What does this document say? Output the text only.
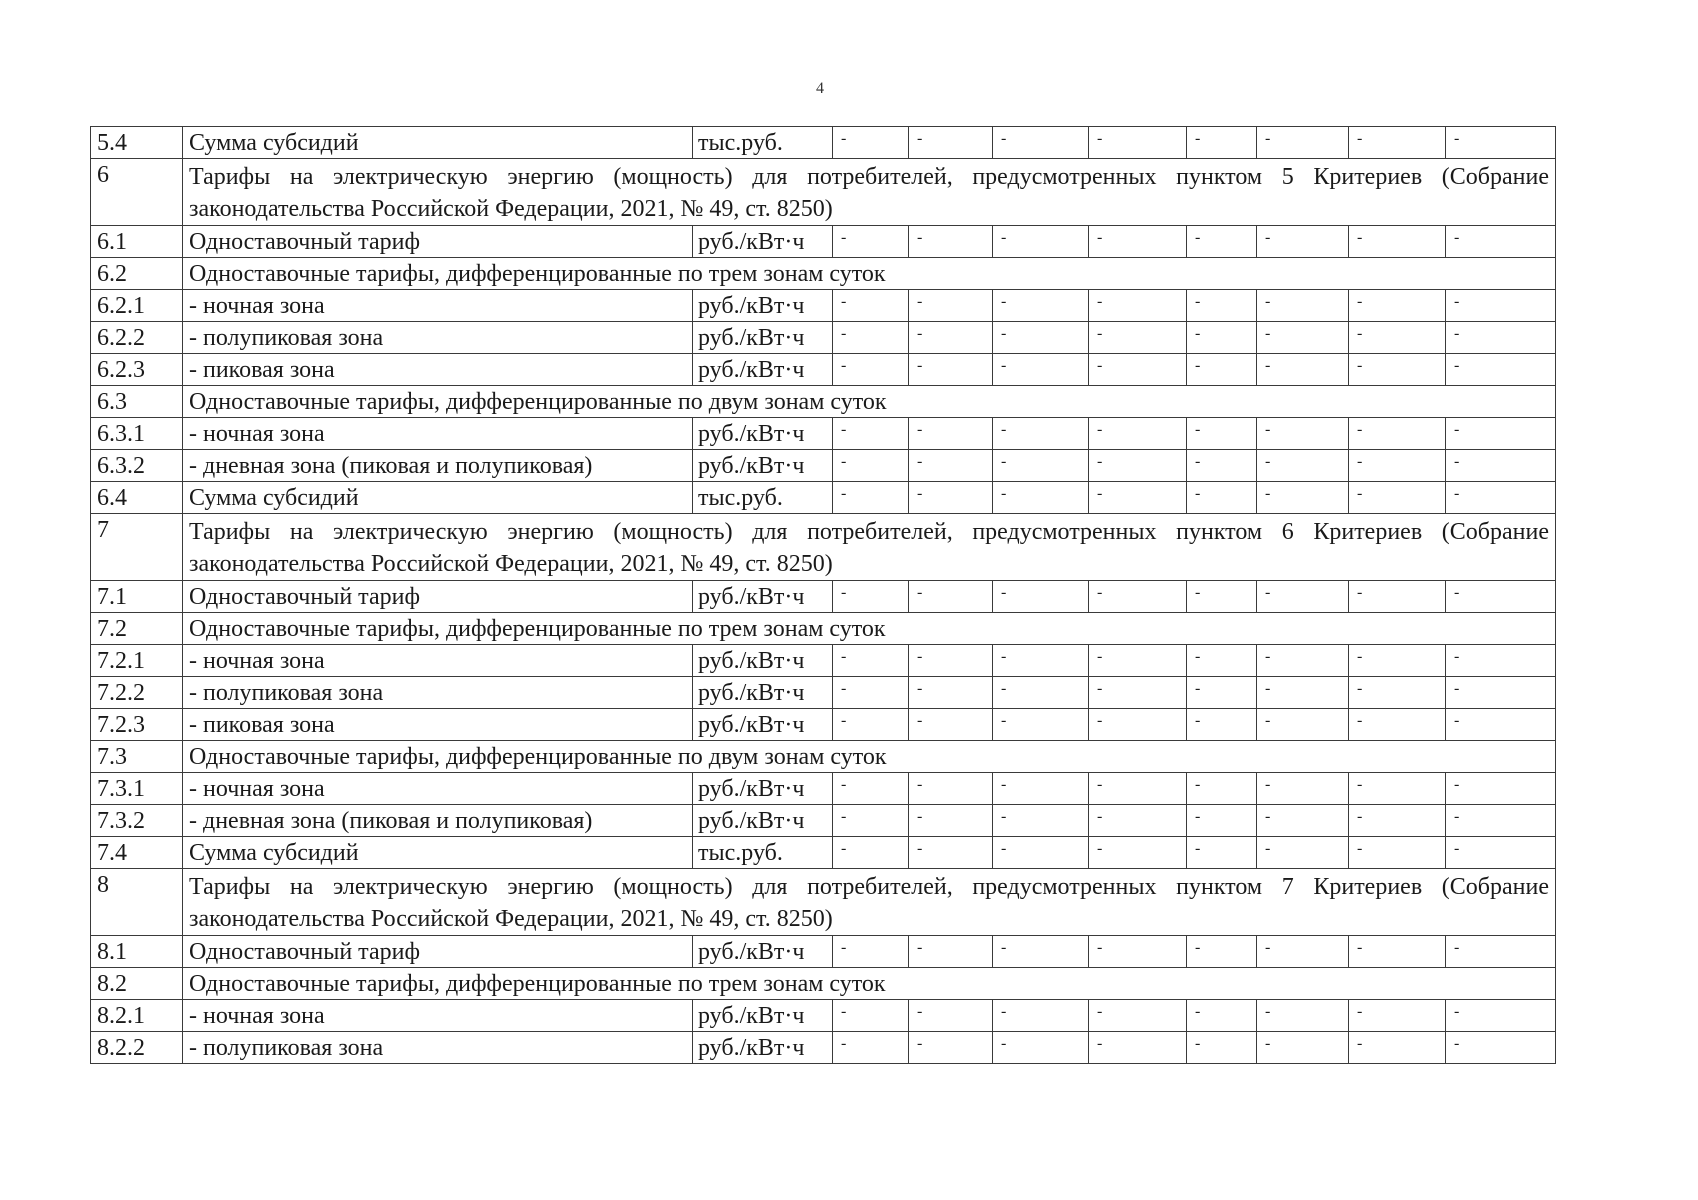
4
5.4	Сумма субсидий	тыс.руб.	-	-	-	-	-	-	-	-
6	Тарифы на электрическую энергию (мощность) для потребителей, предусмотренных пунктом 5 Критериев (Собрание законодательства Российской Федерации, 2021, № 49, ст. 8250)									
6.1	Одноставочный тариф	руб./кВт·ч	-	-	-	-	-	-	-	-
6.2	Одноставочные тарифы, дифференцированные по трем зонам суток									
6.2.1	- ночная зона	руб./кВт·ч	-	-	-	-	-	-	-	-
6.2.2	- полупиковая зона	руб./кВт·ч	-	-	-	-	-	-	-	-
6.2.3	- пиковая зона	руб./кВт·ч	-	-	-	-	-	-	-	-
6.3	Одноставочные тарифы, дифференцированные по двум зонам суток									
6.3.1	- ночная зона	руб./кВт·ч	-	-	-	-	-	-	-	-
6.3.2	- дневная зона (пиковая и полупиковая)	руб./кВт·ч	-	-	-	-	-	-	-	-
6.4	Сумма субсидий	тыс.руб.	-	-	-	-	-	-	-	-
7	Тарифы на электрическую энергию (мощность) для потребителей, предусмотренных пунктом 6 Критериев (Собрание законодательства Российской Федерации, 2021, № 49, ст. 8250)									
7.1	Одноставочный тариф	руб./кВт·ч	-	-	-	-	-	-	-	-
7.2	Одноставочные тарифы, дифференцированные по трем зонам суток									
7.2.1	- ночная зона	руб./кВт·ч	-	-	-	-	-	-	-	-
7.2.2	- полупиковая зона	руб./кВт·ч	-	-	-	-	-	-	-	-
7.2.3	- пиковая зона	руб./кВт·ч	-	-	-	-	-	-	-	-
7.3	Одноставочные тарифы, дифференцированные по двум зонам суток									
7.3.1	- ночная зона	руб./кВт·ч	-	-	-	-	-	-	-	-
7.3.2	- дневная зона (пиковая и полупиковая)	руб./кВт·ч	-	-	-	-	-	-	-	-
7.4	Сумма субсидий	тыс.руб.	-	-	-	-	-	-	-	-
8	Тарифы на электрическую энергию (мощность) для потребителей, предусмотренных пунктом 7 Критериев (Собрание законодательства Российской Федерации, 2021, № 49, ст. 8250)									
8.1	Одноставочный тариф	руб./кВт·ч	-	-	-	-	-	-	-	-
8.2	Одноставочные тарифы, дифференцированные по трем зонам суток									
8.2.1	- ночная зона	руб./кВт·ч	-	-	-	-	-	-	-	-
8.2.2	- полупиковая зона	руб./кВт·ч	-	-	-	-	-	-	-	-
